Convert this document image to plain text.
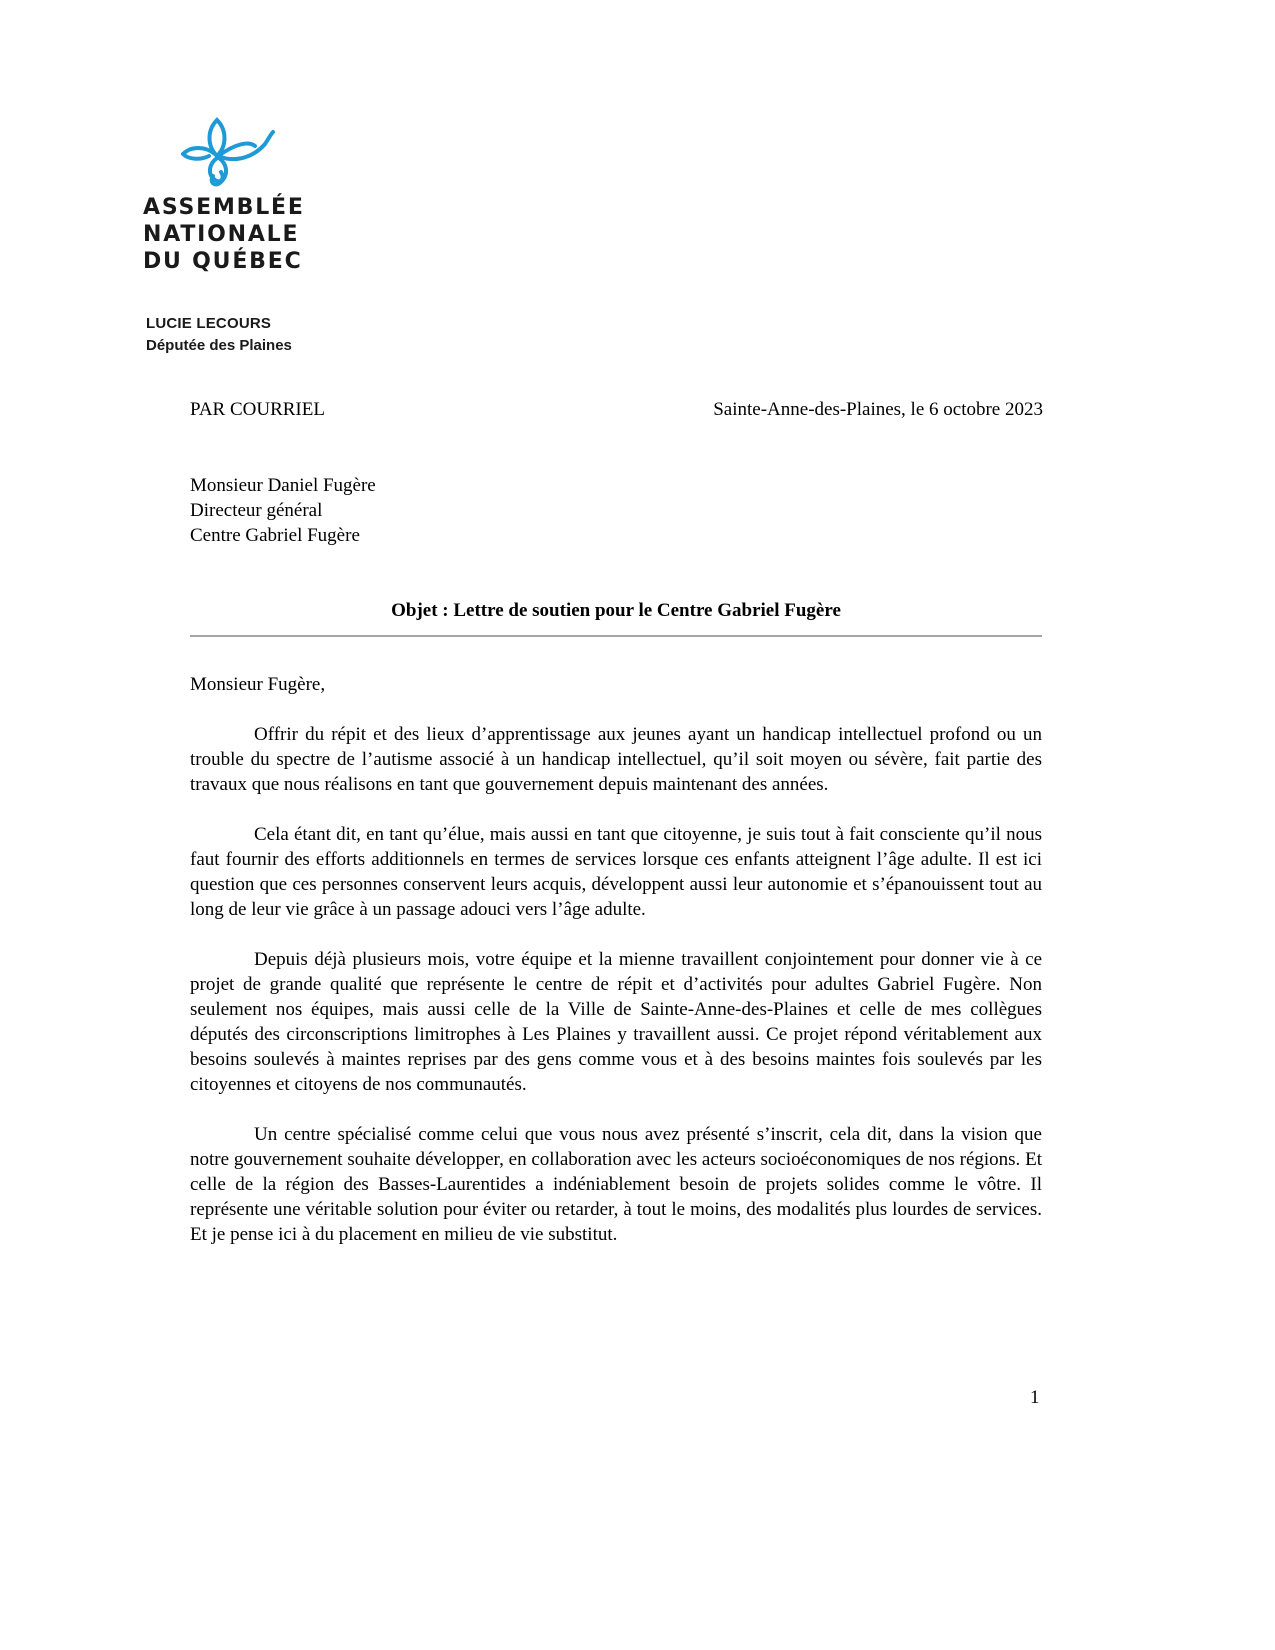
ASSEMBLÉE
NATIONALE
DU QUÉBEC
LUCIE LECOURS
Députée des Plaines
PAR COURRIEL	Sainte-Anne-des-Plaines, le 6 octobre 2023
Monsieur Daniel Fugère
Directeur général
Centre Gabriel Fugère
Objet : Lettre de soutien pour le Centre Gabriel Fugère
Monsieur Fugère,

Offrir du répit et des lieux d’apprentissage aux jeunes ayant un handicap intellectuel profond ou un trouble du spectre de l’autisme associé à un handicap intellectuel, qu’il soit moyen ou sévère, fait partie des travaux que nous réalisons en tant que gouvernement depuis maintenant des années.

Cela étant dit, en tant qu’élue, mais aussi en tant que citoyenne, je suis tout à fait consciente qu’il nous faut fournir des efforts additionnels en termes de services lorsque ces enfants atteignent l’âge adulte. Il est ici question que ces personnes conservent leurs acquis, développent aussi leur autonomie et s’épanouissent tout au long de leur vie grâce à un passage adouci vers l’âge adulte.

Depuis déjà plusieurs mois, votre équipe et la mienne travaillent conjointement pour donner vie à ce projet de grande qualité que représente le centre de répit et d’activités pour adultes Gabriel Fugère. Non seulement nos équipes, mais aussi celle de la Ville de Sainte-Anne-des-Plaines et celle de mes collègues députés des circonscriptions limitrophes à Les Plaines y travaillent aussi. Ce projet répond véritablement aux besoins soulevés à maintes reprises par des gens comme vous et à des besoins maintes fois soulevés par les citoyennes et citoyens de nos communautés.

Un centre spécialisé comme celui que vous nous avez présenté s’inscrit, cela dit, dans la vision que notre gouvernement souhaite développer, en collaboration avec les acteurs socioéconomiques de nos régions. Et celle de la région des Basses-Laurentides a indéniablement besoin de projets solides comme le vôtre. Il représente une véritable solution pour éviter ou retarder, à tout le moins, des modalités plus lourdes de services. Et je pense ici à du placement en milieu de vie substitut.

1
